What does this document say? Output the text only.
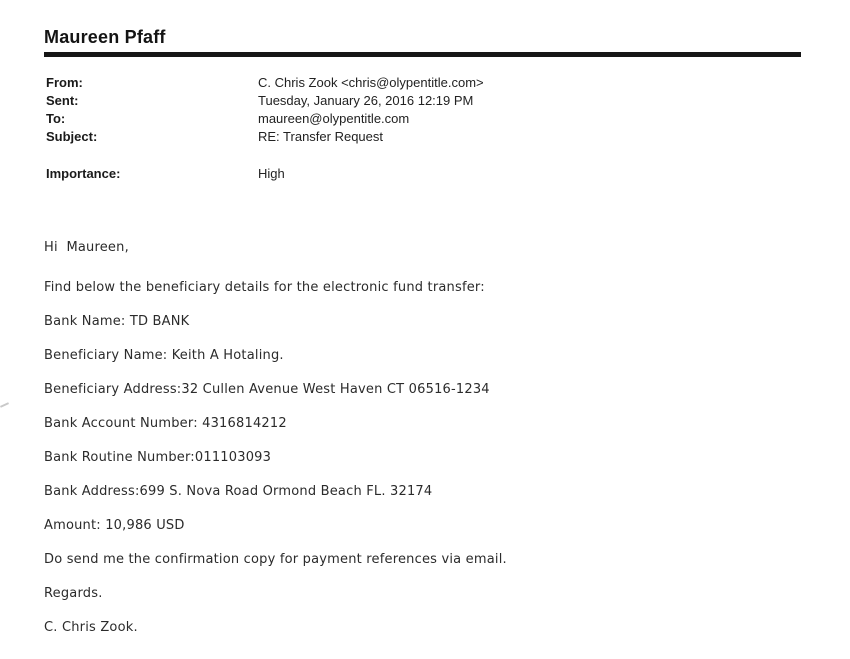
Maureen Pfaff
From:	C. Chris Zook <chris@olypentitle.com>
Sent:	Tuesday, January 26, 2016 12:19 PM
To:	maureen@olypentitle.com
Subject:	RE: Transfer Request
Importance:	High

Hi  Maureen,

Find below the beneficiary details for the electronic fund transfer:

Bank Name: TD BANK

Beneficiary Name: Keith A Hotaling.

Beneficiary Address:32 Cullen Avenue West Haven CT 06516-1234

Bank Account Number: 4316814212

Bank Routine Number:011103093

Bank Address:699 S. Nova Road Ormond Beach FL. 32174

Amount: 10,986 USD

Do send me the confirmation copy for payment references via email.

Regards.

C. Chris Zook.
